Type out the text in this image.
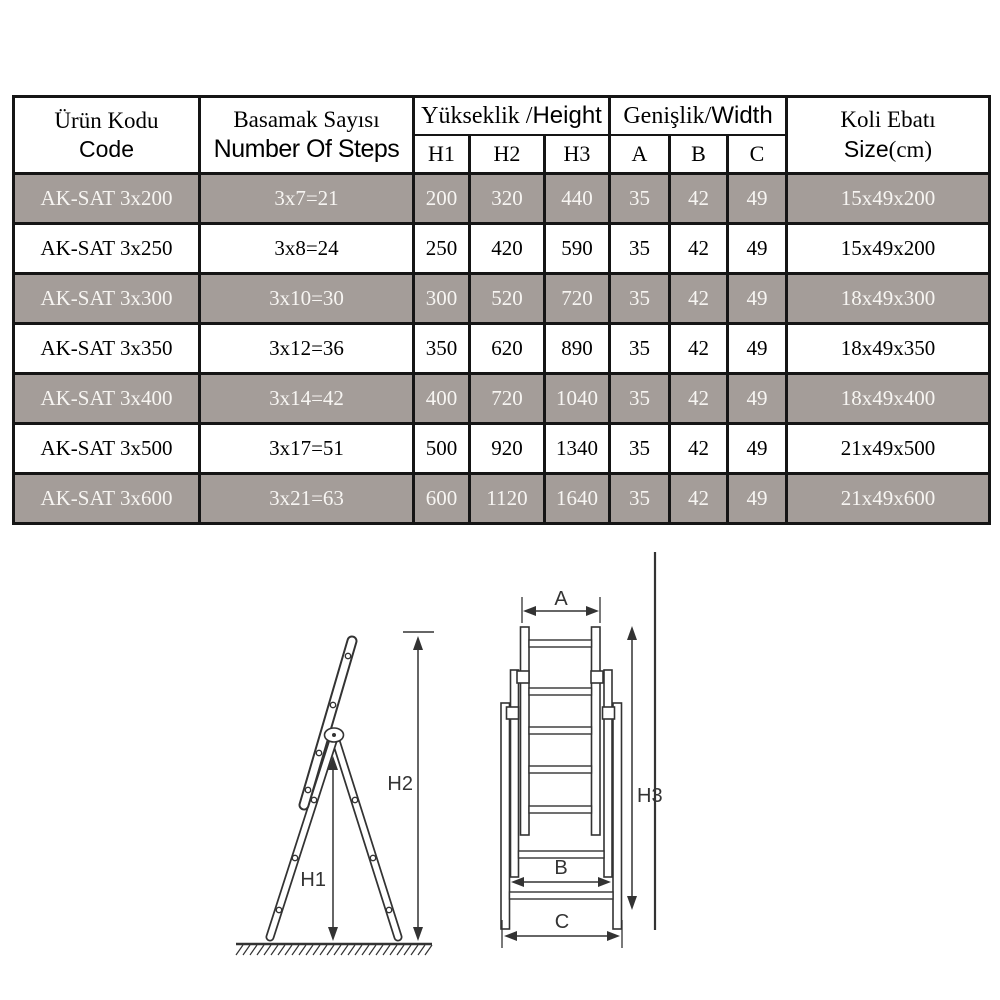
Ürün Kodu
Code

Basamak Sayısı
Number Of Steps
	Yükseklik /Height	Genişlik/Width	Koli Ebatı
Size(cm)

		H1	H2	H3	A	B	C	
AK-SAT 3x200	3x7=21	200	320	440	35	42	49	15x49x200
AK-SAT 3x250	3x8=24	250	420	590	35	42	49	15x49x200
AK-SAT 3x300	3x10=30	300	520	720	35	42	49	18x49x300
AK-SAT 3x350	3x12=36	350	620	890	35	42	49	18x49x350
AK-SAT 3x400	3x14=42	400	720	1040	35	42	49	18x49x400
AK-SAT 3x500	3x17=51	500	920	1340	35	42	49	21x49x500
AK-SAT 3x600	3x21=63	600	1120	1640	35	42	49	21x49x600
H1
H2
A
B
C
H3
